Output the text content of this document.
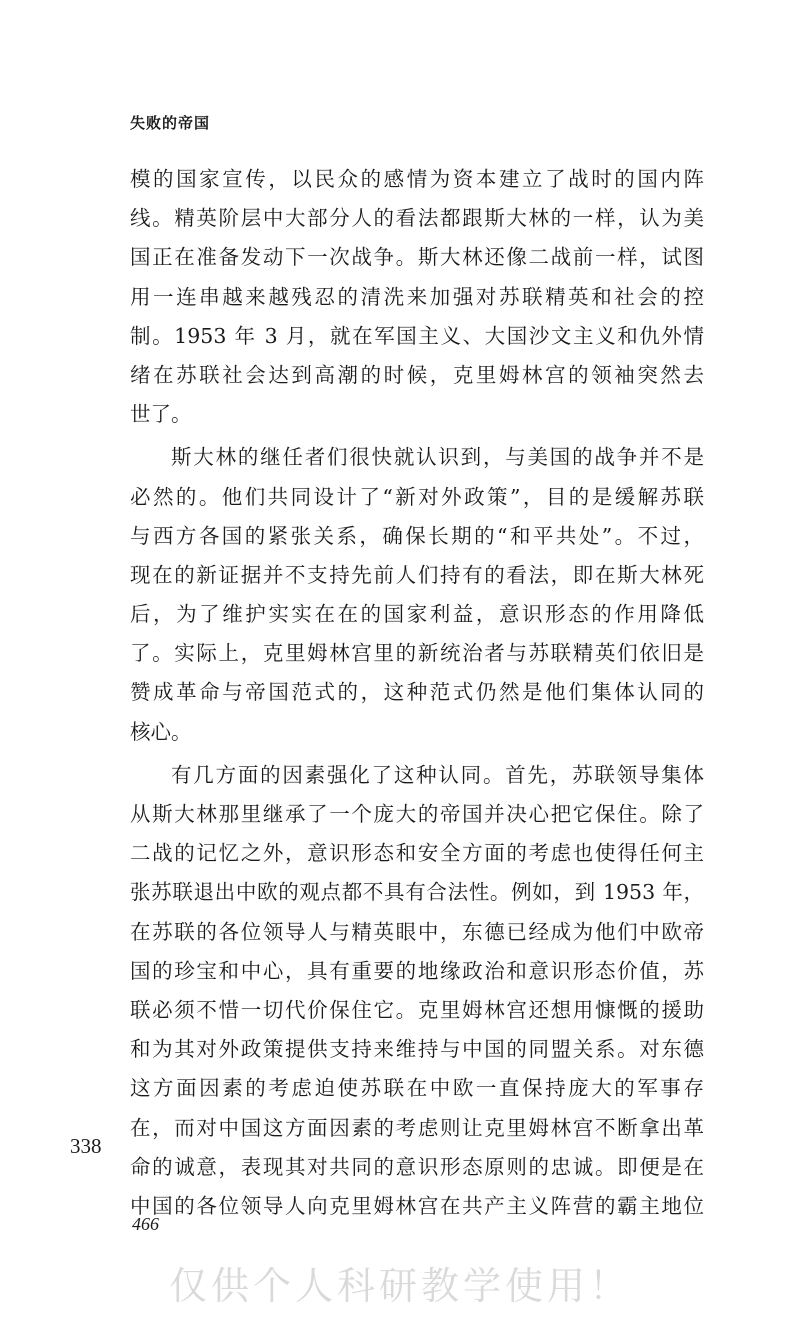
失败的帝国
模的国家宣传，以民众的感情为资本建立了战时的国内阵
线。精英阶层中大部分人的看法都跟斯大林的一样，认为美
国正在准备发动下一次战争。斯大林还像二战前一样，试图
用一连串越来越残忍的清洗来加强对苏联精英和社会的控
制。1953 年 3 月，就在军国主义、大国沙文主义和仇外情
绪在苏联社会达到高潮的时候，克里姆林宫的领袖突然去
世了。
斯大林的继任者们很快就认识到，与美国的战争并不是
必然的。他们共同设计了“新对外政策”，目的是缓解苏联
与西方各国的紧张关系，确保长期的“和平共处”。不过，
现在的新证据并不支持先前人们持有的看法，即在斯大林死
后，为了维护实实在在的国家利益，意识形态的作用降低
了。实际上，克里姆林宫里的新统治者与苏联精英们依旧是
赞成革命与帝国范式的，这种范式仍然是他们集体认同的
核心。
有几方面的因素强化了这种认同。首先，苏联领导集体
从斯大林那里继承了一个庞大的帝国并决心把它保住。除了
二战的记忆之外，意识形态和安全方面的考虑也使得任何主
张苏联退出中欧的观点都不具有合法性。例如，到 1953 年，
在苏联的各位领导人与精英眼中，东德已经成为他们中欧帝
国的珍宝和中心，具有重要的地缘政治和意识形态价值，苏
联必须不惜一切代价保住它。克里姆林宫还想用慷慨的援助
和为其对外政策提供支持来维持与中国的同盟关系。对东德
这方面因素的考虑迫使苏联在中欧一直保持庞大的军事存
在，而对中国这方面因素的考虑则让克里姆林宫不断拿出革
命的诚意，表现其对共同的意识形态原则的忠诚。即便是在
中国的各位领导人向克里姆林宫在共产主义阵营的霸主地位
338
466
仅供个人科研教学使用！
